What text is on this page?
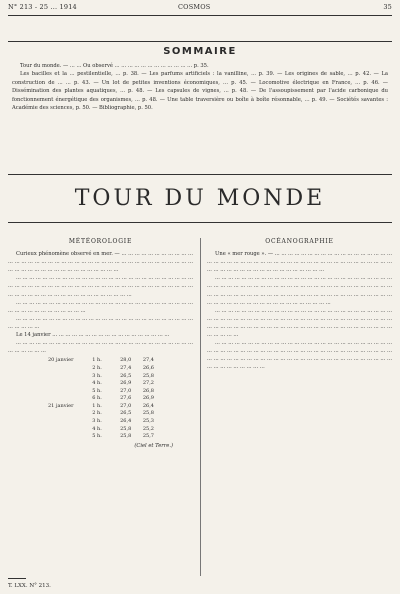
N° 213 - 25 ... 1914	COSMOS	35
SOMMAIRE

Tour du monde. — ... ... Ou observé ... ... ... ... ... ... ... ... ... ... ... ... p. 35.

Les bacilles et la ... pestilentielle, ... p. 38. — Les parfums artificiels : la vanilline, ... p. 39. — Les origines de sable, ... p. 42. — La construction de ... ... p. 43. — Un lot de petites inventions économiques, ... p. 45. — Locomotive électrique en France, ... p. 46. — Dissémination des plantes aquatiques, ... p. 48. — Les capsules de vignes, ... p. 48. — De l'assoupissement par l'acide carbonique du fonctionnement énergétique des organismes, ... p. 48. — Une table traversière ou boîte à boîte résonnable, ... p. 49. — Sociétés savantes : Académie des sciences, p. 50. — Bibliographie, p. 50.

TOUR DU MONDE
MÉTÉOROLOGIE

Curieux phénomène observé en mer. — ... ... ... ... ... ... ... ... ... ... ... ... ... ... ... ... ... ... ... ... ... ... ... ... ... ... ... ... ... ... ... ... ... ... ... ... ... ... ... ... ... ... ... ... ... ... ... ... ... ... ... ... ... ... ... ...

... ... ... ... ... ... ... ... ... ... ... ... ... ... ... ... ... ... ... ... ... ... ... ... ... ... ... ... ... ... ... ... ... ... ... ... ... ... ... ... ... ... ... ... ... ... ... ... ... ... ... ... ... ... ... ... ... ... ... ... ... ... ... ... ... ... ... ... ... ... ... ... ... ...

... ... ... ... ... ... ... ... ... ... ... ... ... ... ... ... ... ... ... ... ... ... ... ... ... ... ... ... ... ... ... ... ... ... ... ... ... ... ...

... ... ... ... ... ... ... ... ... ... ... ... ... ... ... ... ... ... ... ... ... ... ... ... ... ... ... ... ... ... ... ...

Le 14 janvier ... ... ... ... ... ... ... ... ... ... ... ... ... ... ... ... ... ...

... ... ... ... ... ... ... ... ... ... ... ... ... ... ... ... ... ... ... ... ... ... ... ... ... ... ... ... ... ... ... ... ...

20 janvier	1 h.	28,0	27,4
	2 h.	27,4	26,6
	3 h.	26,5	25,8
	4 h.	26,9	27,2
	5 h.	27,0	26,8
	6 h.	27,6	26,9
21 janvier	1 h.	27,0	26,4
	2 h.	26,5	25,8
	3 h.	26,4	25,3
	4 h.	25,8	25,2
	5 h.	25,8	25,7
(Ciel et Terre.)
OCÉANOGRAPHIE

Une « mer rouge ». — ... ... ... ... ... ... ... ... ... ... ... ... ... ... ... ... ... ... ... ... ... ... ... ... ... ... ... ... ... ... ... ... ... ... ... ... ... ... ... ... ... ... ... ... ... ... ... ... ... ... ... ... ... ... ... ... ... ... ... ... ... ... ... ...

... ... ... ... ... ... ... ... ... ... ... ... ... ... ... ... ... ... ... ... ... ... ... ... ... ... ... ... ... ... ... ... ... ... ... ... ... ... ... ... ... ... ... ... ... ... ... ... ... ... ... ... ... ... ... ... ... ... ... ... ... ... ... ... ... ... ... ... ... ... ... ... ... ... ... ... ... ... ... ... ... ... ... ... ... ... ... ... ... ... ... ... ... ... ... ... ... ... ... ... ... ...

... ... ... ... ... ... ... ... ... ... ... ... ... ... ... ... ... ... ... ... ... ... ... ... ... ... ... ... ... ... ... ... ... ... ... ... ... ... ... ... ... ... ... ... ... ... ... ... ... ... ... ... ... ... ... ... ... ... ... ... ... ... ... ... ... ... ... ... ... ... ... ... ... ... ... ... ... ... ... ... ... ... ... ... ... ... ... ...

... ... ... ... ... ... ... ... ... ... ... ... ... ... ... ... ... ... ... ... ... ... ... ... ... ... ... ... ... ... ... ... ... ... ... ... ... ... ... ... ... ... ... ... ... ... ... ... ... ... ... ... ... ... ... ... ... ... ... ... ... ... ... ... ... ... ... ... ... ... ... ... ... ... ... ... ... ... ... ... ... ... ... ... ... ... ... ... ... ... ... ...

T. LXX. N° 213.
